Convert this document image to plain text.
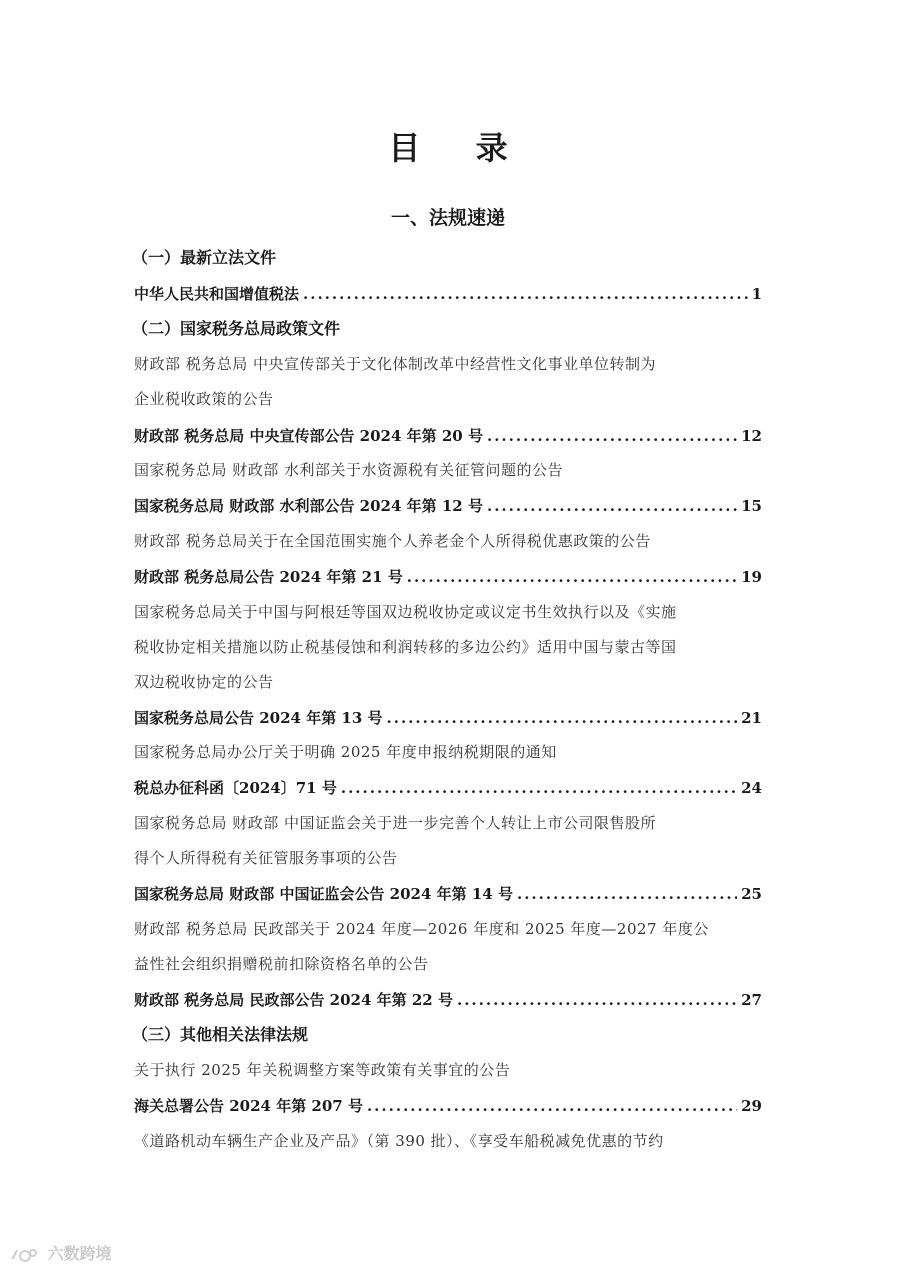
目 录
一、法规速递
（一）最新立法文件
中华人民共和国增值税法 .....	1
（二）国家税务总局政策文件
财政部 税务总局 中央宣传部关于文化体制改革中经营性文化事业单位转制为
企业税收政策的公告
财政部 税务总局 中央宣传部公告 2024 年第 20 号 .....	12
国家税务总局 财政部 水利部关于水资源税有关征管问题的公告
国家税务总局 财政部 水利部公告 2024 年第 12 号 .....	15
财政部 税务总局关于在全国范围实施个人养老金个人所得税优惠政策的公告
财政部 税务总局公告 2024 年第 21 号 .....	19
国家税务总局关于中国与阿根廷等国双边税收协定或议定书生效执行以及《实施
税收协定相关措施以防止税基侵蚀和利润转移的多边公约》适用中国与蒙古等国
双边税收协定的公告
国家税务总局公告 2024 年第 13 号 .....	21
国家税务总局办公厅关于明确 2025 年度申报纳税期限的通知
税总办征科函〔2024〕71 号 .....	24
国家税务总局 财政部 中国证监会关于进一步完善个人转让上市公司限售股所
得个人所得税有关征管服务事项的公告
国家税务总局 财政部 中国证监会公告 2024 年第 14 号 .....	25
财政部 税务总局 民政部关于 2024 年度—2026 年度和 2025 年度—2027 年度公
益性社会组织捐赠税前扣除资格名单的公告
财政部 税务总局 民政部公告 2024 年第 22 号 .....	27
（三）其他相关法律法规
关于执行 2025 年关税调整方案等政策有关事宜的公告
海关总署公告 2024 年第 207 号 .....	29
《道路机动车辆生产企业及产品》（第 390 批）、《享受车船税减免优惠的节约
六数跨境
